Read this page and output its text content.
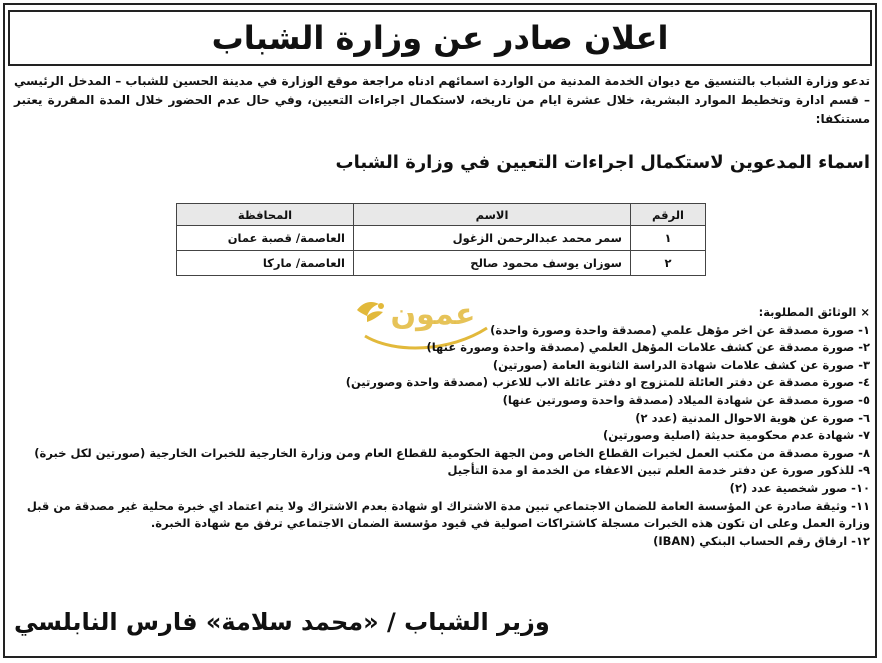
اعلان صادر عن وزارة الشباب
تدعو وزارة الشباب بالتنسيق مع ديوان الخدمة المدنية من الواردة اسمائهم ادناه مراجعة موقع الوزارة في مدينة الحسين للشباب – المدخل الرئيسي – قسم ادارة وتخطيط الموارد البشرية، خلال عشرة ايام من تاريخه، لاستكمال اجراءات التعيين، وفي حال عدم الحضور خلال المدة المقررة يعتبر مستنكفا:
اسماء المدعوين لاستكمال اجراءات التعيين في وزارة الشباب
الرقم	الاسم	المحافظة
١	سمر محمد عبدالرحمن الزغول	العاصمة/ قصبة عمان
٢	سوزان يوسف محمود صالح	العاصمة/ ماركا
عمون	× الوثائق المطلوبة:
١- صورة مصدقة عن اخر مؤهل علمي (مصدقة واحدة وصورة واحدة)
٢- صورة مصدقة عن كشف علامات المؤهل العلمي (مصدقة واحدة وصورة عنها)
٣- صورة عن كشف علامات شهادة الدراسة الثانوية العامة (صورتين)
٤- صورة مصدقة عن دفتر العائلة للمتزوج او دفتر عائلة الاب للاعزب (مصدقة واحدة وصورتين)
٥- صورة مصدقة عن شهادة الميلاد (مصدقة واحدة وصورتين عنها)
٦- صورة عن هوية الاحوال المدنية (عدد ٢)
٧- شهادة عدم محكومية حديثة (اصلية وصورتين)
٨- صورة مصدقة من مكتب العمل لخبرات القطاع الخاص ومن الجهة الحكومية للقطاع العام ومن وزارة الخارجية للخبرات الخارجية (صورتين لكل خبرة)
٩- للذكور صورة عن دفتر خدمة العلم تبين الاعفاء من الخدمة او مدة التأجيل
١٠- صور شخصية عدد (٢)
١١- وثيقة صادرة عن المؤسسة العامة للضمان الاجتماعي تبين مدة الاشتراك او شهادة بعدم الاشتراك ولا يتم اعتماد اي خبرة محلية غير مصدقة من قبل وزارة العمل وعلى ان تكون هذه الخبرات مسجلة كاشتراكات اصولية في قيود مؤسسة الضمان الاجتماعي ترفق مع شهادة الخبرة.
١٢- ارفاق رقم الحساب البنكي (IBAN)
وزير الشباب / «محمد سلامة» فارس النابلسي
